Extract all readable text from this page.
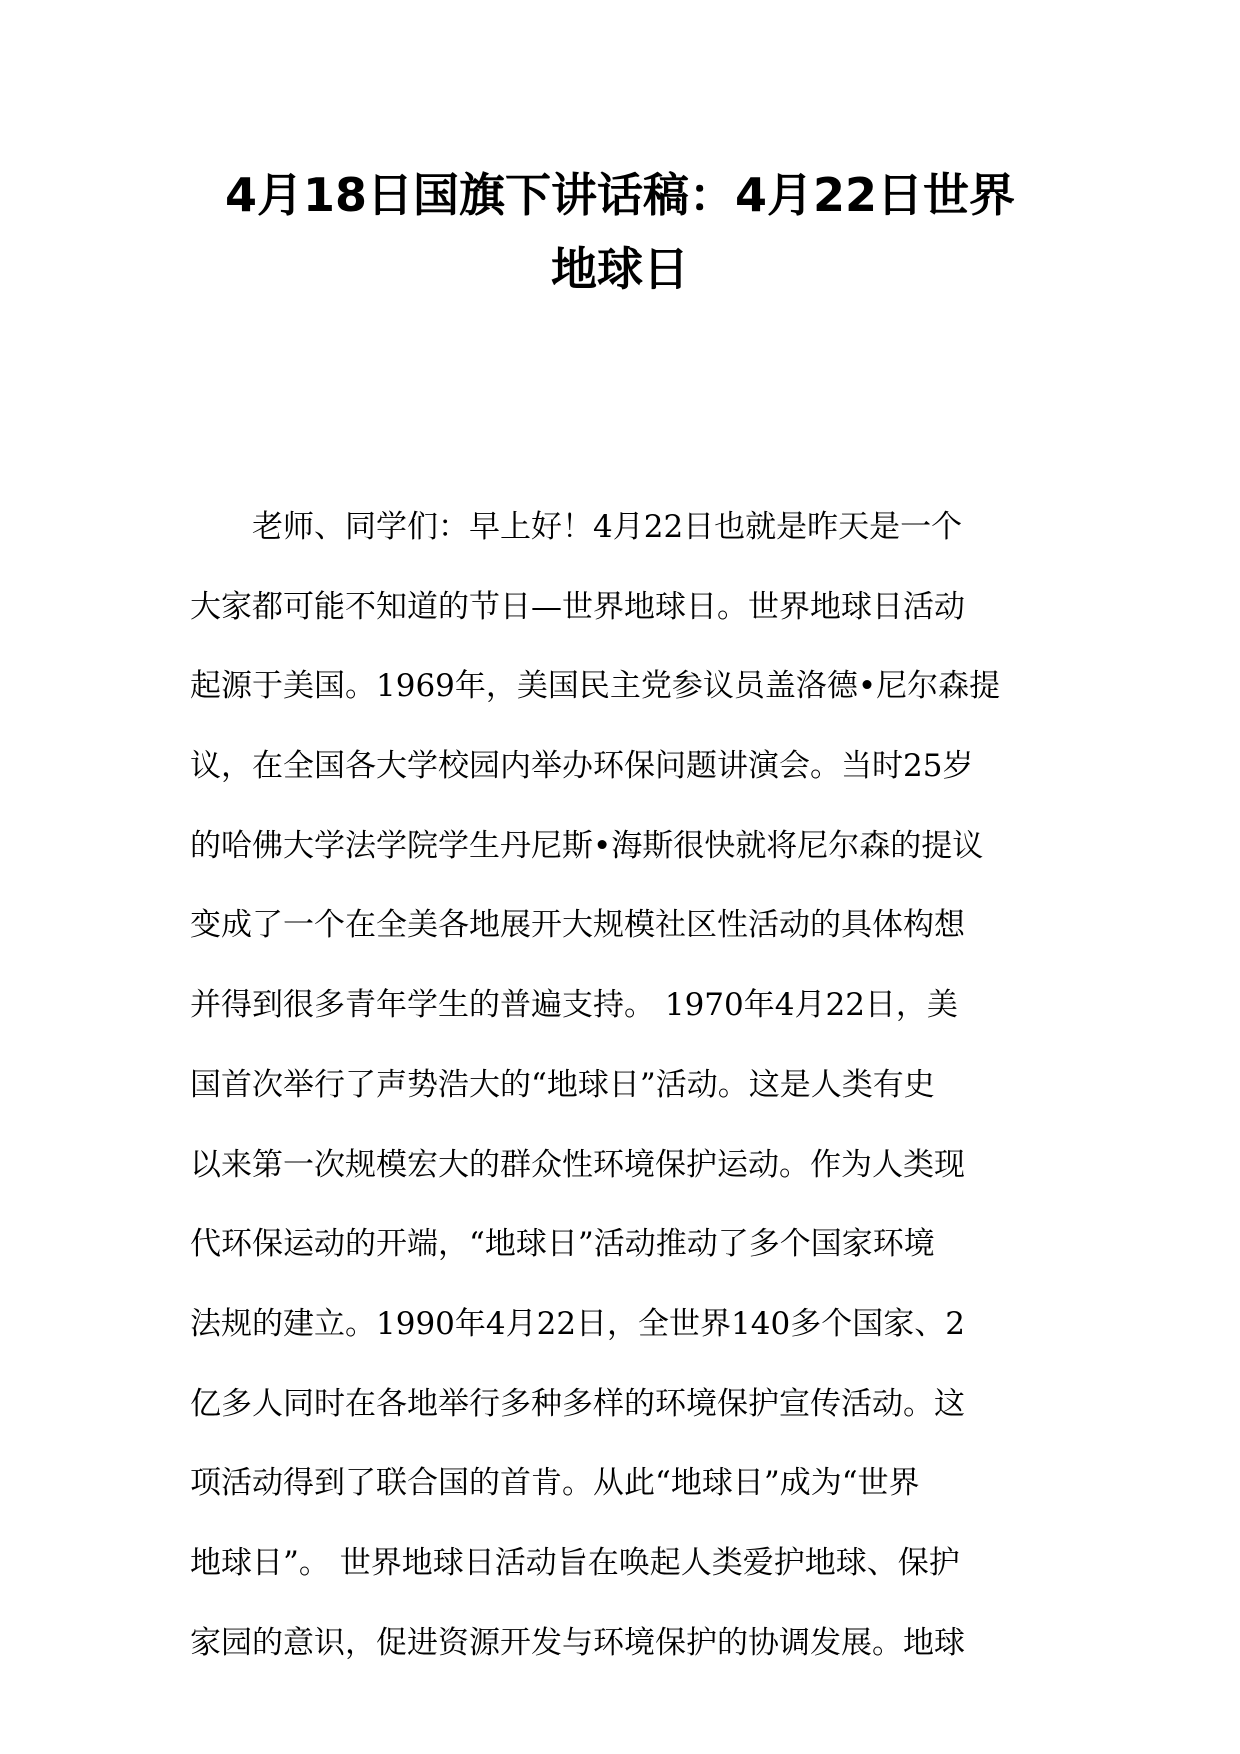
4月18日国旗下讲话稿：4月22日世界
地球日
　　老师、同学们：早上好！4月22日也就是昨天是一个
大家都可能不知道的节日—世界地球日。世界地球日活动
起源于美国。1969年，美国民主党参议员盖洛德•尼尔森提
议，在全国各大学校园内举办环保问题讲演会。当时25岁
的哈佛大学法学院学生丹尼斯•海斯很快就将尼尔森的提议
变成了一个在全美各地展开大规模社区性活动的具体构想
并得到很多青年学生的普遍支持。 1970年4月22日，美
国首次举行了声势浩大的“地球日”活动。这是人类有史
以来第一次规模宏大的群众性环境保护运动。作为人类现
代环保运动的开端，“地球日”活动推动了多个国家环境
法规的建立。1990年4月22日，全世界140多个国家、2
亿多人同时在各地举行多种多样的环境保护宣传活动。这
项活动得到了联合国的首肯。从此“地球日”成为“世界
地球日”。 世界地球日活动旨在唤起人类爱护地球、保护
家园的意识，促进资源开发与环境保护的协调发展。地球
